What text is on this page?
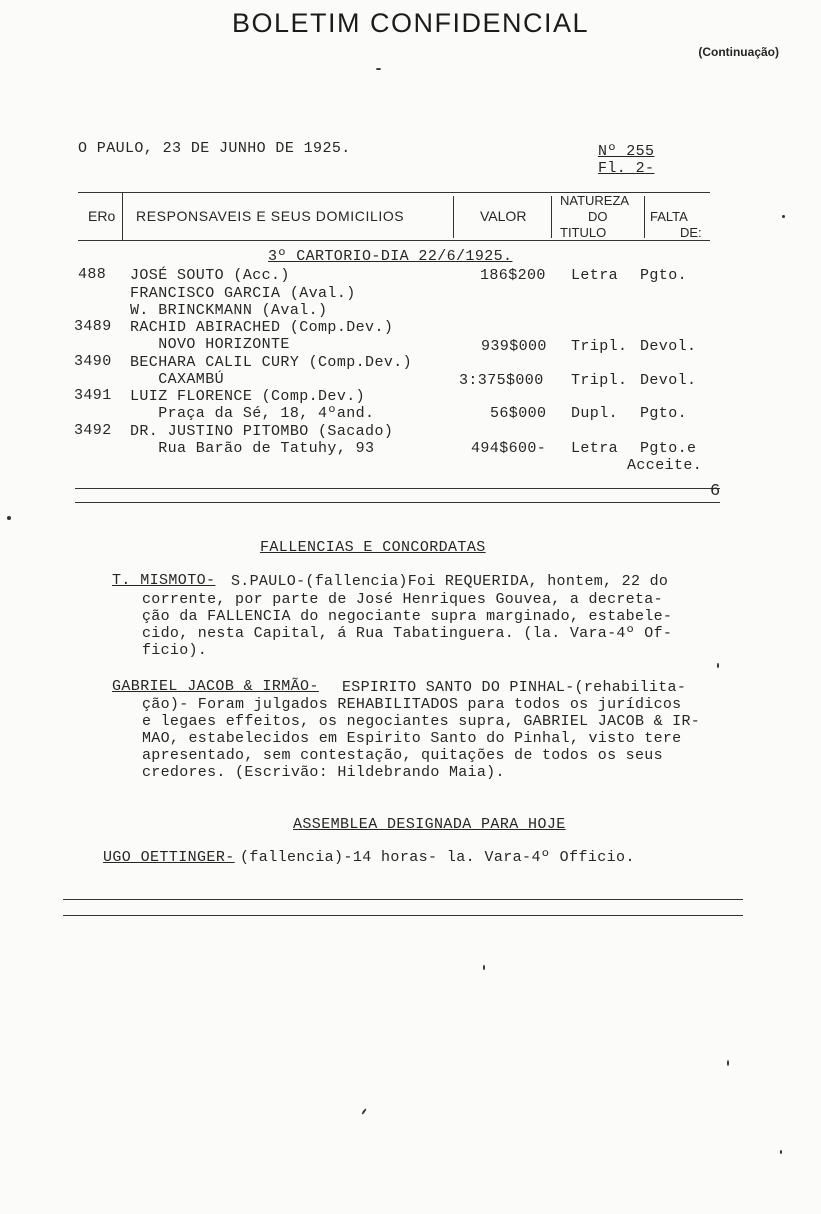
BOLETIM CONFIDENCIAL
(Continuação)
O PAULO, 23 DE JUNHO DE 1925.	Nº 255
Fl. 2-
ERo RESPONSAVEIS E SEUS DOMICILIOS	VALOR
NATUREZA
DO
TITULO
FALTA
DE:
3º CARTORIO-DIA 22/6/1925.
488 JOSÉ SOUTO (Acc.)
FRANCISCO GARCIA (Aval.)
W. BRINCKMANN (Aval.)
186$200 Letra Pgto.
3489 RACHID ABIRACHED (Comp.Dev.)
NOVO HORIZONTE	939$000 Tripl. Devol.
3490 BECHARA CALIL CURY (Comp.Dev.)
CAXAMBÚ	3:375$000 Tripl. Devol.
3491 LUIZ FLORENCE (Comp.Dev.)
Praça da Sé, 18, 4ºand.	56$000 Dupl. Pgto.
3492 DR. JUSTINO PITOMBO (Sacado)
Rua Barão de Tatuhy, 93	494$600- Letra Pgto.e
Acceite.
6
FALLENCIAS E CONCORDATAS
T. MISMOTO- S.PAULO-(fallencia)Foi REQUERIDA, hontem, 22 do
corrente, por parte de José Henriques Gouvea, a decreta-
ção da FALLENCIA do negociante supra marginado, estabele-
cido, nesta Capital, á Rua Tabatinguera. (la. Vara-4º Of-
ficio).
GABRIEL JACOB & IRMÃO- ESPIRITO SANTO DO PINHAL-(rehabilita-
ção)- Foram julgados REHABILITADOS para todos os jurídicos
e legaes effeitos, os negociantes supra, GABRIEL JACOB & IR-
MAO, estabelecidos em Espirito Santo do Pinhal, visto tere
apresentado, sem contestação, quitações de todos os seus
credores. (Escrivão: Hildebrando Maia).
ASSEMBLEA DESIGNADA PARA HOJE
UGO OETTINGER- (fallencia)-14 horas- la. Vara-4º Officio.
